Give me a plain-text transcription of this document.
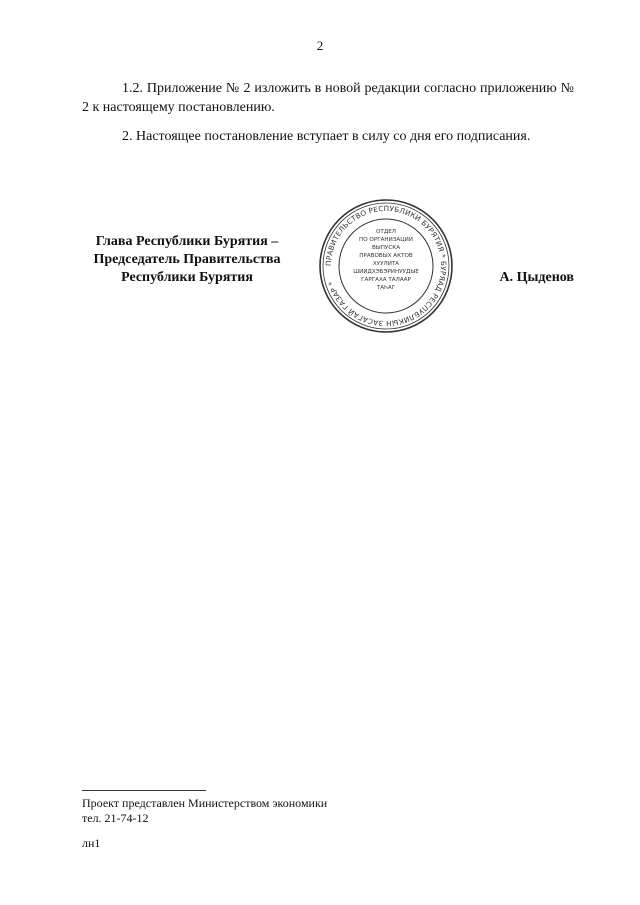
2

1.2. Приложение № 2 изложить в новой редакции согласно приложению № 2 к настоящему постановлению.

2. Настоящее постановление вступает в силу со дня его подписания.

Глава Республики Бурятия –
Председатель Правительства
Республики Бурятия
ПРАВИТЕЛЬСТВО РЕСПУБЛИКИ БУРЯТИЯ * БУРЯАД РЕСПУБЛИКЫН ЗАСАГАЙ ГАЗАР *
ОТДЕЛ
ПО ОРГАНИЗАЦИИ
ВЫПУСКА
ПРАВОВЫХ АКТОВ
ХУУЛИТА
ШИИДХЭБЭРИНУУДЫЕ
ГАРГАХА ТАЛААР
ТАҺАГ
А. Цыденов
Проект представлен Министерством экономики
тел. 21-74-12
лн1
